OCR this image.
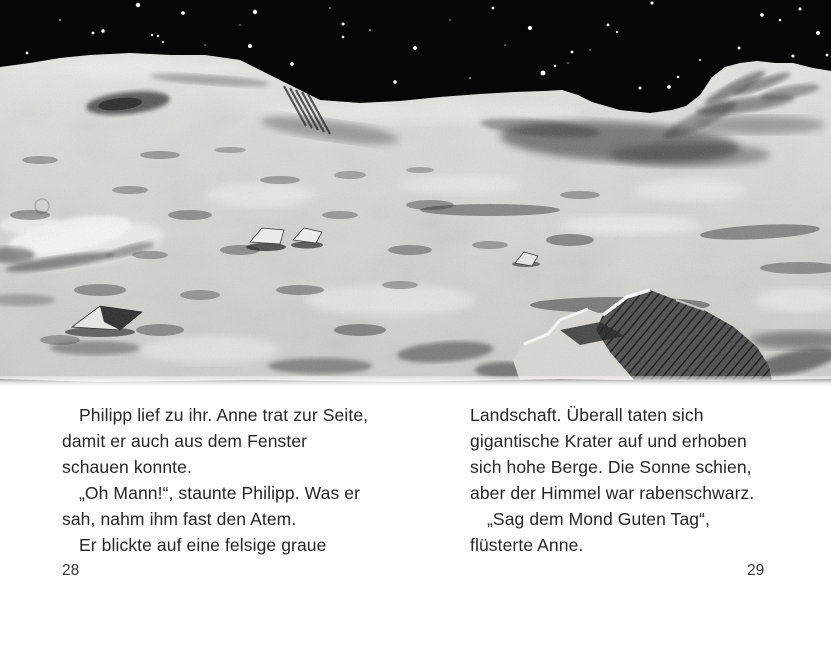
Philipp lief zu ihr. Anne trat zur Seite,

damit er auch aus dem Fenster

schauen konnte.

„Oh Mann!“, staunte Philipp. Was er

sah, nahm ihm fast den Atem.

Er blickte auf eine felsige graue

Landschaft. Überall taten sich

gigantische Krater auf und erhoben

sich hohe Berge. Die Sonne schien,

aber der Himmel war rabenschwarz.

„Sag dem Mond Guten Tag“,

flüsterte Anne.

28	29
